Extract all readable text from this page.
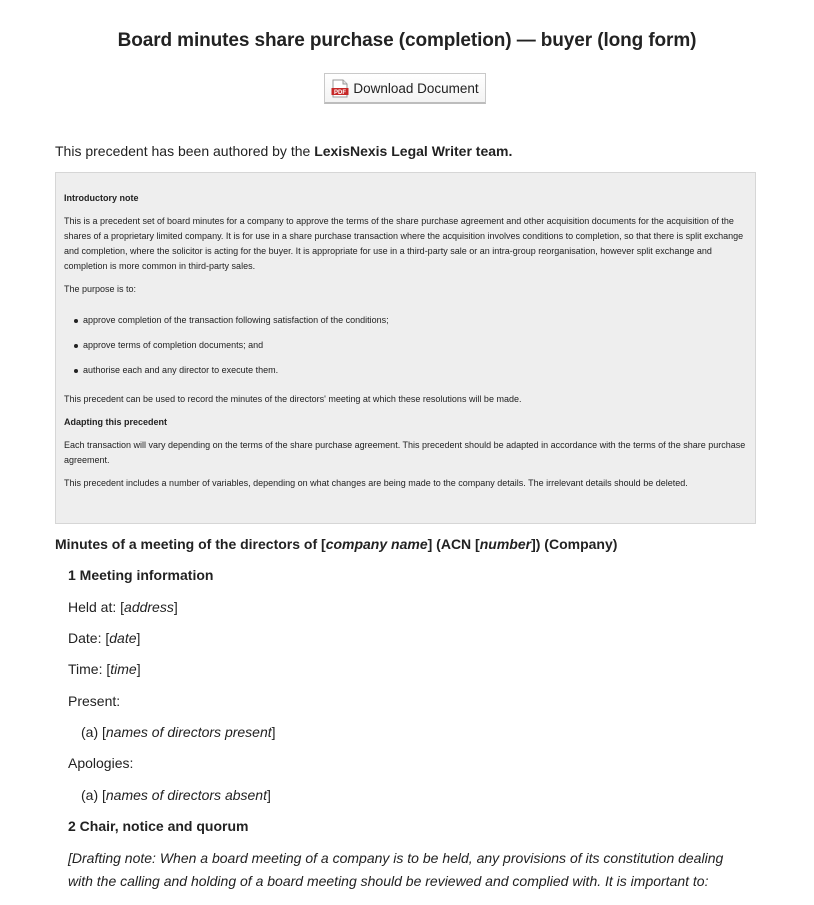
Board minutes share purchase (completion) — buyer (long form)
PDF Download Document

This precedent has been authored by the LexisNexis Legal Writer team.

Introductory note

This is a precedent set of board minutes for a company to approve the terms of the share purchase agreement and other acquisition documents for the acquisition of the shares of a proprietary limited company. It is for use in a share purchase transaction where the acquisition involves conditions to completion, so that there is split exchange and completion, where the solicitor is acting for the buyer. It is appropriate for use in a third-party sale or an intra-group reorganisation, however split exchange and completion is more common in third-party sales.

The purpose is to:

approve completion of the transaction following satisfaction of the conditions;
approve terms of completion documents; and
authorise each and any director to execute them.

This precedent can be used to record the minutes of the directors' meeting at which these resolutions will be made.

Adapting this precedent

Each transaction will vary depending on the terms of the share purchase agreement. This precedent should be adapted in accordance with the terms of the share purchase agreement.

This precedent includes a number of variables, depending on what changes are being made to the company details. The irrelevant details should be deleted.

Minutes of a meeting of the directors of [company name] (ACN [number]) (Company)

1 Meeting information

Held at: [address]

Date: [date]

Time: [time]

Present:

(a) [names of directors present]

Apologies:

(a) [names of directors absent]

2 Chair, notice and quorum

[Drafting note: When a board meeting of a company is to be held, any provisions of its constitution dealing with the calling and holding of a board meeting should be reviewed and complied with. It is important to:
